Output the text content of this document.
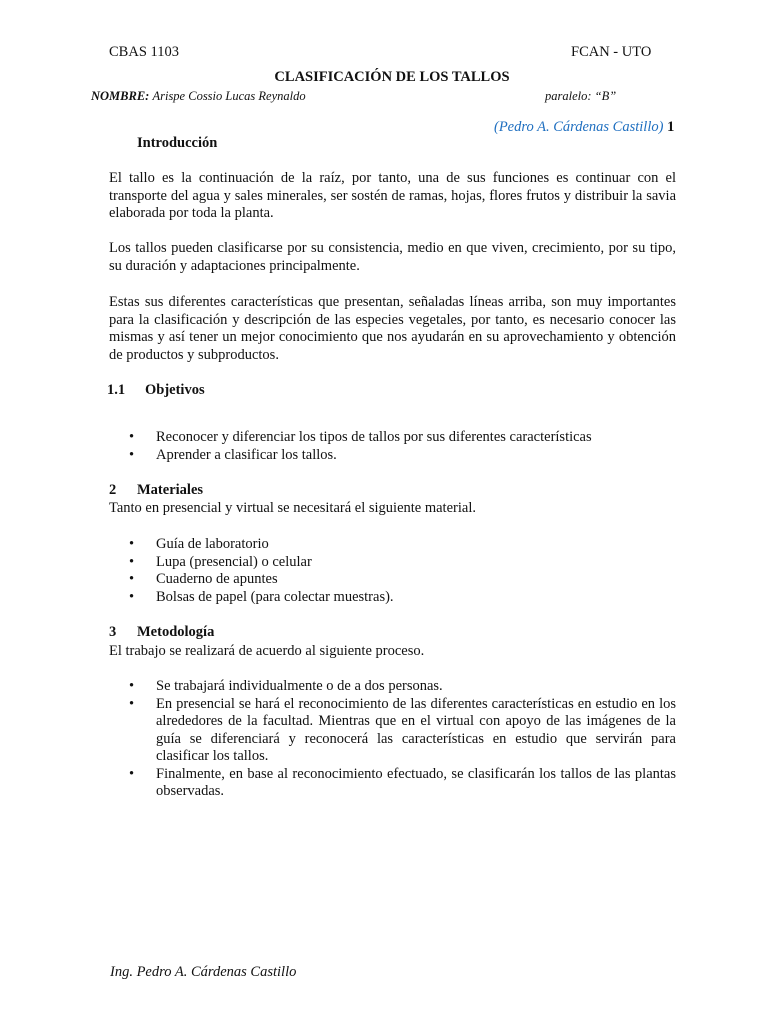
CBAS 1103	FCAN - UTO
CLASIFICACIÓN DE LOS TALLOS
NOMBRE: Arispe Cossio Lucas Reynaldo	paralelo: “B”
(Pedro A. Cárdenas Castillo) 1
Introducción
El tallo es la continuación de la raíz, por tanto, una de sus funciones es continuar con el transporte del agua y sales minerales, ser sostén de ramas, hojas, flores frutos y distribuir la savia elaborada por toda la planta.
Los tallos pueden clasificarse por su consistencia, medio en que viven, crecimiento, por su tipo, su duración y adaptaciones principalmente.
Estas sus diferentes características que presentan, señaladas líneas arriba, son muy importantes para la clasificación y descripción de las especies vegetales, por tanto, es necesario conocer las mismas y así tener un mejor conocimiento que nos ayudarán en su aprovechamiento y obtención de productos y subproductos.
1.1 Objetivos
• Reconocer y diferenciar los tipos de tallos por sus diferentes características
• Aprender a clasificar los tallos.
2 Materiales
Tanto en presencial y virtual se necesitará el siguiente material.
• Guía de laboratorio
• Lupa (presencial) o celular
• Cuaderno de apuntes
• Bolsas de papel (para colectar muestras).
3 Metodología
El trabajo se realizará de acuerdo al siguiente proceso.
• Se trabajará individualmente o de a dos personas.
• En presencial se hará el reconocimiento de las diferentes características en estudio en los alrededores de la facultad. Mientras que en el virtual con apoyo de las imágenes de la guía se diferenciará y reconocerá las características en estudio que servirán para clasificar los tallos.
• Finalmente, en base al reconocimiento efectuado, se clasificarán los tallos de las plantas observadas.
Ing. Pedro A. Cárdenas Castillo
